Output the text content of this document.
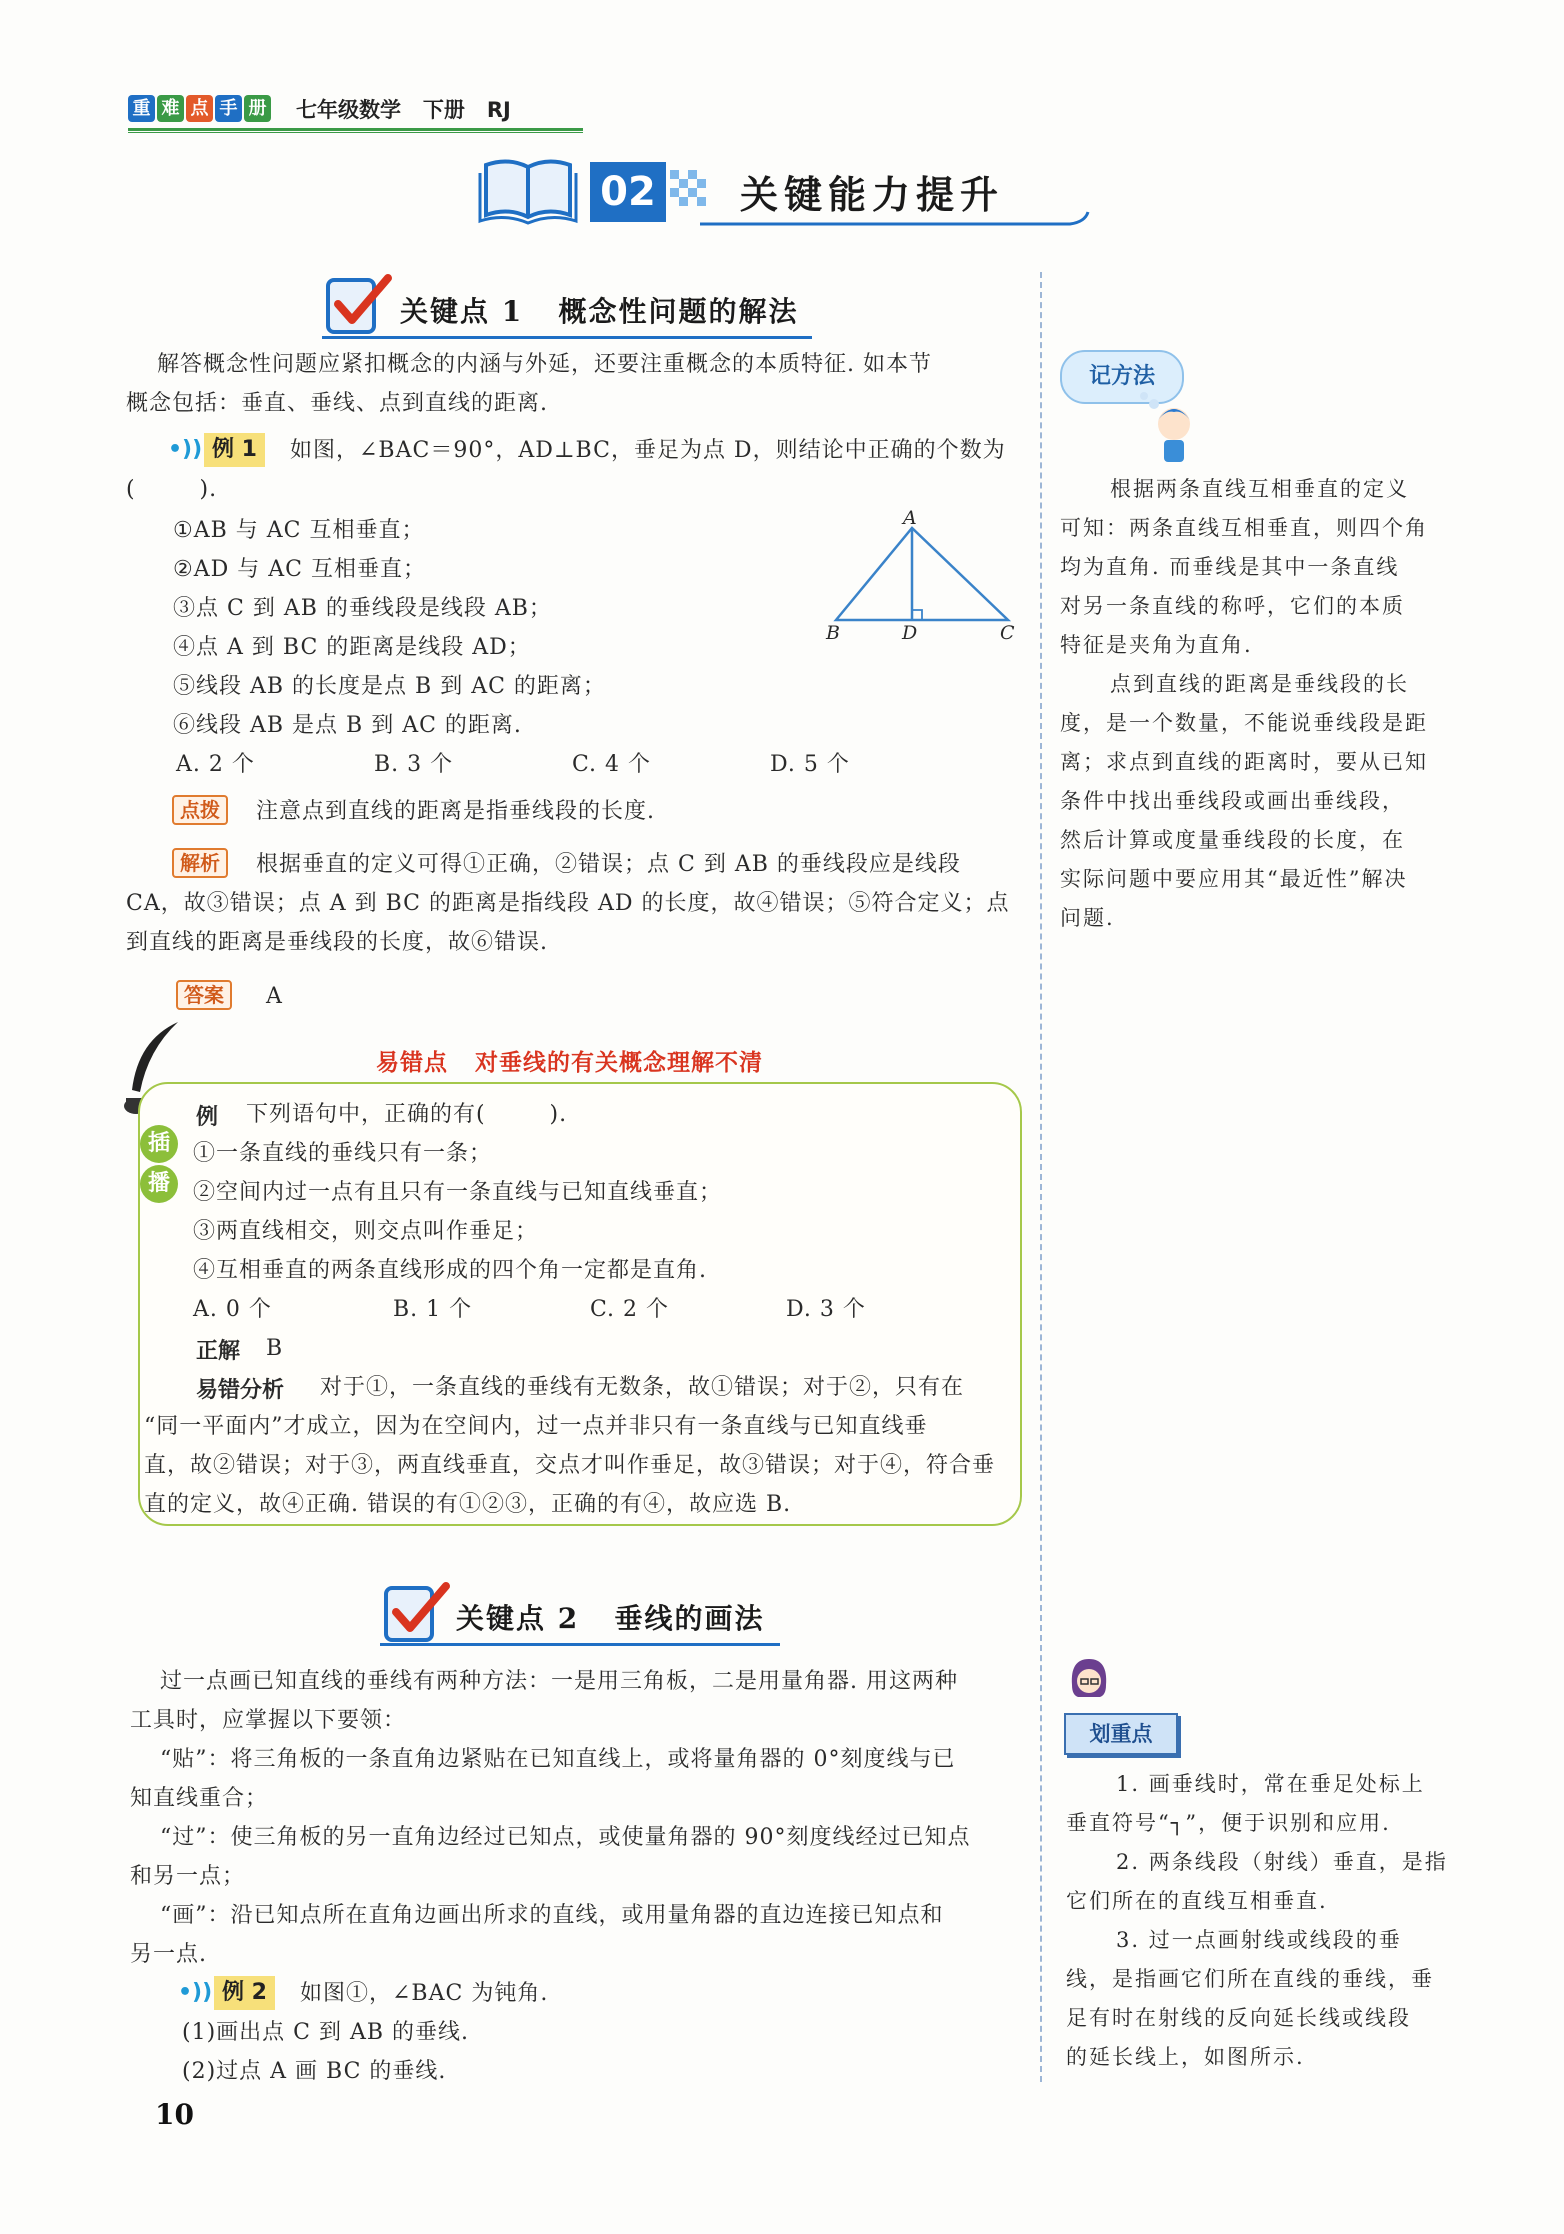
重 难 点 手 册 七年级数学   下册   RJ
02 关键能力提升
关键点 1   概念性问题的解法
解答概念性问题应紧扣概念的内涵与外延，还要注重概念的本质特征. 如本节
概念包括：垂直、垂线、点到直线的距离.
•)) 例 1	如图，∠BAC＝90°，AD⊥BC，垂足为点 D，则结论中正确的个数为
(        ).
①AB 与 AC 互相垂直；
②AD 与 AC 互相垂直；
③点 C 到 AB 的垂线段是线段 AB；
④点 A 到 BC 的距离是线段 AD；
⑤线段 AB 的长度是点 B 到 AC 的距离；
⑥线段 AB 是点 B 到 AC 的距离.
A. 2 个	B. 3 个	C. 4 个	D. 5 个
A
B	D	C
点拨	注意点到直线的距离是指垂线段的长度.
解析	根据垂直的定义可得①正确，②错误；点 C 到 AB 的垂线段应是线段
CA，故③错误；点 A 到 BC 的距离是指线段 AD 的长度，故④错误；⑤符合定义；点
到直线的距离是垂线段的长度，故⑥错误.
答案	A
易错点   对垂线的有关概念理解不清
插
播
例 下列语句中，正确的有(        ).
①一条直线的垂线只有一条；
②空间内过一点有且只有一条直线与已知直线垂直；
③两直线相交，则交点叫作垂足；
④互相垂直的两条直线形成的四个角一定都是直角.
A. 0 个	B. 1 个	C. 2 个	D. 3 个
正解 B
易错分析 对于①，一条直线的垂线有无数条，故①错误；对于②，只有在
“同一平面内”才成立，因为在空间内，过一点并非只有一条直线与已知直线垂
直，故②错误；对于③，两直线垂直，交点才叫作垂足，故③错误；对于④，符合垂
直的定义，故④正确. 错误的有①②③，正确的有④，故应选 B.
关键点 2   垂线的画法
过一点画已知直线的垂线有两种方法：一是用三角板，二是用量角器. 用这两种
工具时，应掌握以下要领：
“贴”：将三角板的一条直角边紧贴在已知直线上，或将量角器的 0°刻度线与已
知直线重合；
“过”：使三角板的另一直角边经过已知点，或使量角器的 90°刻度线经过已知点
和另一点；
“画”：沿已知点所在直角边画出所求的直线，或用量角器的直边连接已知点和
另一点.
•)) 例 2	如图①，∠BAC 为钝角.
(1)画出点 C 到 AB 的垂线.
(2)过点 A 画 BC 的垂线.
10
记方法
根据两条直线互相垂直的定义
可知：两条直线互相垂直，则四个角
均为直角. 而垂线是其中一条直线
对另一条直线的称呼，它们的本质
特征是夹角为直角.
点到直线的距离是垂线段的长
度，是一个数量，不能说垂线段是距
离；求点到直线的距离时，要从已知
条件中找出垂线段或画出垂线段，
然后计算或度量垂线段的长度，在
实际问题中要应用其“最近性”解决
问题.
划重点
1. 画垂线时，常在垂足处标上
垂直符号“┐”，便于识别和应用.
2. 两条线段（射线）垂直，是指
它们所在的直线互相垂直.
3. 过一点画射线或线段的垂
线，是指画它们所在直线的垂线，垂
足有时在射线的反向延长线或线段
的延长线上，如图所示.
